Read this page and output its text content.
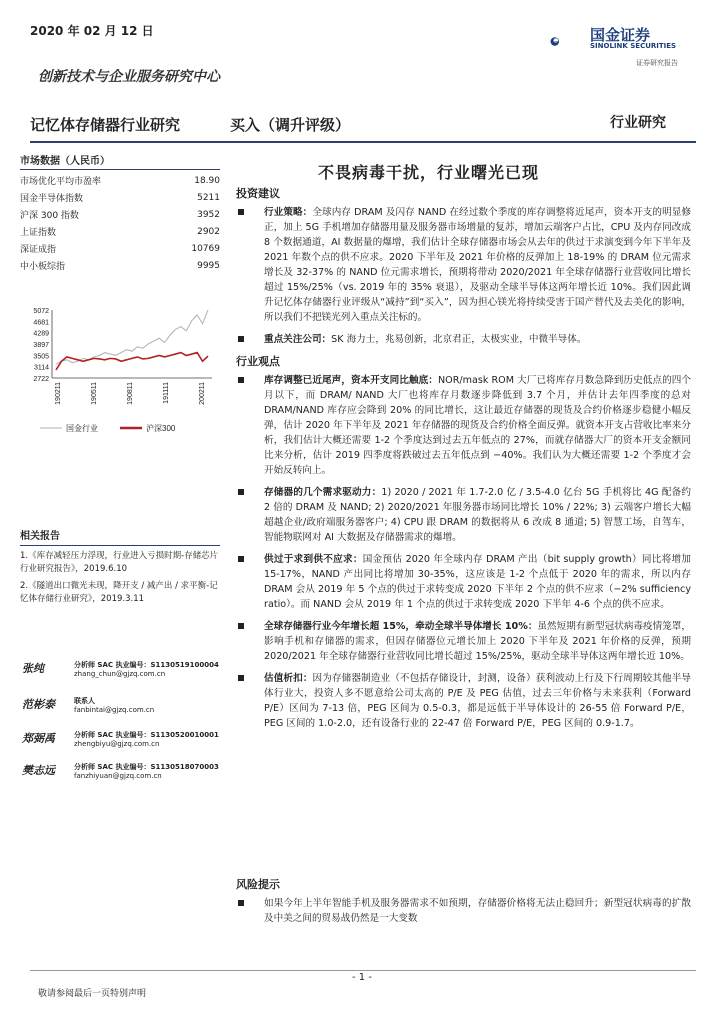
2020 年 02 月 12 日	国金证券
SINOLINK SECURITIES
证券研究报告
创新技术与企业服务研究中心
记忆体存储器行业研究	买入（调升评级）	行业研究
市场数据（人民币）
市场优化平均市盈率	18.90
国金半导体指数	5211
沪深 300 指数	3952
上证指数	2902
深证成指	10769
中小板综指	9995
5072
4681
4289
3897
3505
3114
2722
190211	190511	190811	191111	200211
国金行业	沪深300
相关报告
1.《库存减轻压力浮现，行业进入亏损时期-存储芯片行业研究报告》，2019.6.10
2.《隧道出口微光未现，降开支 / 减产出 / 求平衡-记忆体存储行业研究》，2019.3.11
张纯	分析师 SAC 执业编号：S1130519100004
zhang_chun@gjzq.com.cn
范彬泰	联系人
fanbintai@gjzq.com.cn
郑弼禹	分析师 SAC 执业编号：S1130520010001
zhengbiyu@gjzq.com.cn
樊志远	分析师 SAC 执业编号：S1130518070003
fanzhiyuan@gjzq.com.cn
不畏病毒干扰，行业曙光已现
投资建议
行业策略：全球内存 DRAM 及闪存 NAND 在经过数个季度的库存调整将近尾声，资本开支的明显修正，加上 5G 手机增加存储器用量及服务器市场增量的复苏，增加云端客户占比，CPU 及内存同改成 8 个数据通道，AI 数据量的爆增，我们估计全球存储器市场会从去年的供过于求演变到今年下半年及 2021 年数个点的供不应求。2020 下半年及 2021 年价格的反弹加上 18-19% 的 DRAM 位元需求增长及 32-37% 的 NAND 位元需求增长，预期将带动 2020/2021 年全球存储器行业营收同比增长超过 15%/25%（vs. 2019 年的 35% 衰退），及驱动全球半导体这两年增长近 10%。我们因此调升记忆体存储器行业评级从“减持”到“买入”，因为担心镁光将持续受害于国产替代及去美化的影响，所以我们不把镁光列入重点关注标的。
重点关注公司：SK 海力士，兆易创新，北京君正，太极实业，中微半导体。
行业观点
库存调整已近尾声，资本开支同比触底：NOR/mask ROM 大厂已将库存月数急降到历史低点的四个月以下，而 DRAM/ NAND 大厂也将库存月数逐步降低到 3.7 个月，并估计去年四季度的总对 DRAM/NAND 库存应会降到 20% 的同比增长，这让最近存储器的现货及合约价格逐步稳健小幅反弹，估计 2020 年下半年及 2021 年存储器的现货及合约价格全面反弹。就资本开支占营收比率来分析，我们估计大概还需要 1-2 个季度达到过去五年低点的 27%，而就存储器大厂的资本开支金额同比来分析，估计 2019 四季度将跌破过去五年低点到 −40%。我们认为大概还需要 1-2 个季度才会开始反转向上。
存储器的几个需求驱动力：1) 2020 / 2021 年 1.7-2.0 亿 / 3.5-4.0 亿台 5G 手机将比 4G 配备约 2 倍的 DRAM 及 NAND; 2) 2020/2021 年服务器市场同比增长 10% / 22%; 3) 云端客户增长大幅超越企业/政府端服务器客户; 4) CPU 跟 DRAM 的数据将从 6 改成 8 通道; 5) 智慧工场，自驾车，智能物联网对 AI 大数据及存储器需求的爆增。
供过于求到供不应求：国金预估 2020 年全球内存 DRAM 产出（bit supply growth）同比将增加 15-17%，NAND 产出同比将增加 30-35%，这应该是 1-2 个点低于 2020 年的需求，所以内存 DRAM 会从 2019 年 5 个点的供过于求转变成 2020 下半年 2 个点的供不应求（−2% sufficiency ratio）。而 NAND 会从 2019 年 1 个点的供过于求转变成 2020 下半年 4-6 个点的供不应求。
全球存储器行业今年增长超 15%，牵动全球半导体增长 10%：虽然短期有新型冠状病毒疫情笼罩，影响手机和存储器的需求，但因存储器位元增长加上 2020 下半年及 2021 年价格的反弹，预期 2020/2021 年全球存储器行业营收同比增长超过 15%/25%，驱动全球半导体这两年增长近 10%。
估值析扣：因为存储器制造业（不包括存储设计，封测，设备）获利波动上行及下行周期较其他半导体行业大，投资人多不愿意给公司太高的 P/E 及 PEG 估值，过去三年价格与未来获利（Forward P/E）区间为 7-13 倍，PEG 区间为 0.5-0.3，都是远低于半导体设计的 26-55 倍 Forward P/E，PEG 区间的 1.0-2.0，还有设备行业的 22-47 倍 Forward P/E，PEG 区间的 0.9-1.7。
风险提示
如果今年上半年智能手机及服务器需求不如预期，存储器价格将无法止稳回升；新型冠状病毒的扩散及中美之间的贸易战仍然是一大变数
- 1 -
敬请参阅最后一页特别声明
